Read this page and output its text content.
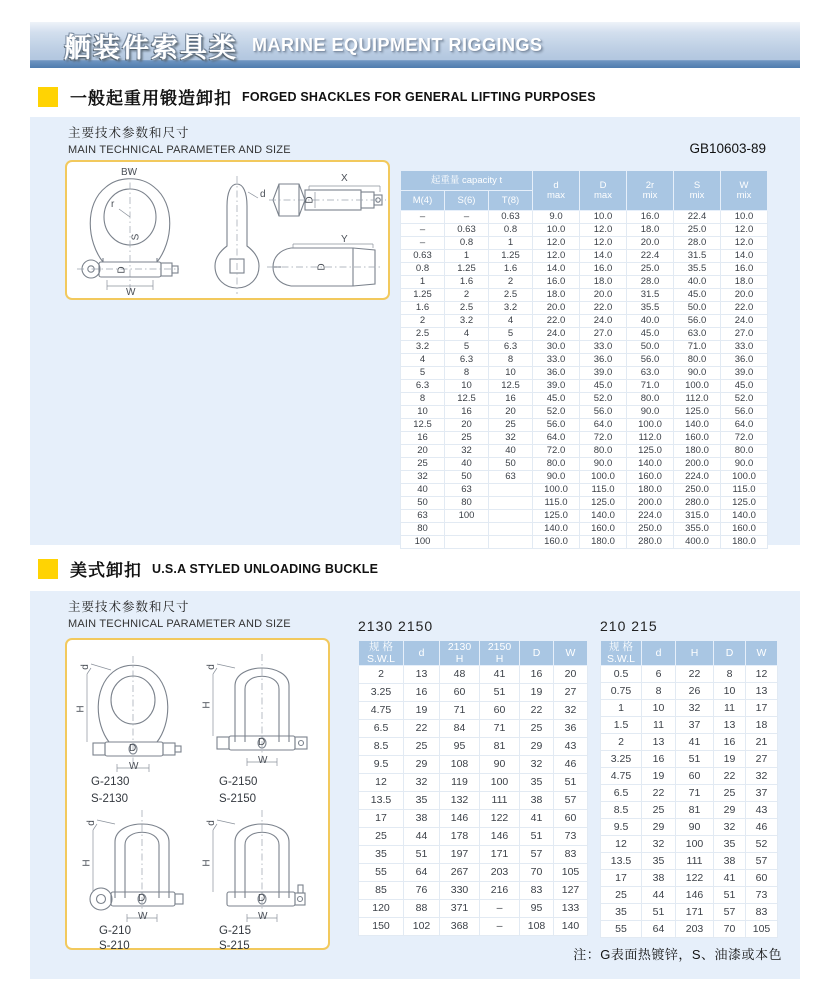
舾装件索具类 MARINE EQUIPMENT RIGGINGS
一般起重用锻造卸扣 FORGED SHACKLES FOR GENERAL LIFTING PURPOSES
主要技术参数和尺寸
MAIN TECHNICAL PARAMETER AND SIZE	GB10603-89
BW
r
S
D
W
d
X
D
Y
D
起重量 capacity t			d
max	D
max	2r
mix	S
mix	W
mix
M(4)	S(6)	T(8)					
–	–	0.63	9.0	10.0	16.0	22.4	10.0
–	0.63	0.8	10.0	12.0	18.0	25.0	12.0
–	0.8	1	12.0	12.0	20.0	28.0	12.0
0.63	1	1.25	12.0	14.0	22.4	31.5	14.0
0.8	1.25	1.6	14.0	16.0	25.0	35.5	16.0
1	1.6	2	16.0	18.0	28.0	40.0	18.0
1.25	2	2.5	18.0	20.0	31.5	45.0	20.0
1.6	2.5	3.2	20.0	22.0	35.5	50.0	22.0
2	3.2	4	22.0	24.0	40.0	56.0	24.0
2.5	4	5	24.0	27.0	45.0	63.0	27.0
3.2	5	6.3	30.0	33.0	50.0	71.0	33.0
4	6.3	8	33.0	36.0	56.0	80.0	36.0
5	8	10	36.0	39.0	63.0	90.0	39.0
6.3	10	12.5	39.0	45.0	71.0	100.0	45.0
8	12.5	16	45.0	52.0	80.0	112.0	52.0
10	16	20	52.0	56.0	90.0	125.0	56.0
12.5	20	25	56.0	64.0	100.0	140.0	64.0
16	25	32	64.0	72.0	112.0	160.0	72.0
20	32	40	72.0	80.0	125.0	180.0	80.0
25	40	50	80.0	90.0	140.0	200.0	90.0
32	50	63	90.0	100.0	160.0	224.0	100.0
40	63		100.0	115.0	180.0	250.0	115.0
50	80		115.0	125.0	200.0	280.0	125.0
63	100		125.0	140.0	224.0	315.0	140.0
80			140.0	160.0	250.0	355.0	160.0
100			160.0	180.0	280.0	400.0	180.0
美式卸扣 U.S.A STYLED UNLOADING BUCKLE
主要技术参数和尺寸
MAIN TECHNICAL PARAMETER AND SIZE
d
H
D
W
d
H
D
W
d
H
D
W
d
H
D
W
G-2130
S-2130
G-2150
S-2150
G-210
S-210
G-215
S-215
2130 2150
规 格
S.W.L	d	2130
H	2150
H	D	W
2	13	48	41	16	20
3.25	16	60	51	19	27
4.75	19	71	60	22	32
6.5	22	84	71	25	36
8.5	25	95	81	29	43
9.5	29	108	90	32	46
12	32	119	100	35	51
13.5	35	132	111	38	57
17	38	146	122	41	60
25	44	178	146	51	73
35	51	197	171	57	83
55	64	267	203	70	105
85	76	330	216	83	127
120	88	371	–	95	133
150	102	368	–	108	140
210 215
规 格
S.W.L	d	H	D	W
0.5	6	22	8	12
0.75	8	26	10	13
1	10	32	11	17
1.5	11	37	13	18
2	13	41	16	21
3.25	16	51	19	27
4.75	19	60	22	32
6.5	22	71	25	37
8.5	25	81	29	43
9.5	29	90	32	46
12	32	100	35	52
13.5	35	111	38	57
17	38	122	41	60
25	44	146	51	73
35	51	171	57	83
55	64	203	70	105
注：G表面热镀锌，S、油漆或本色
